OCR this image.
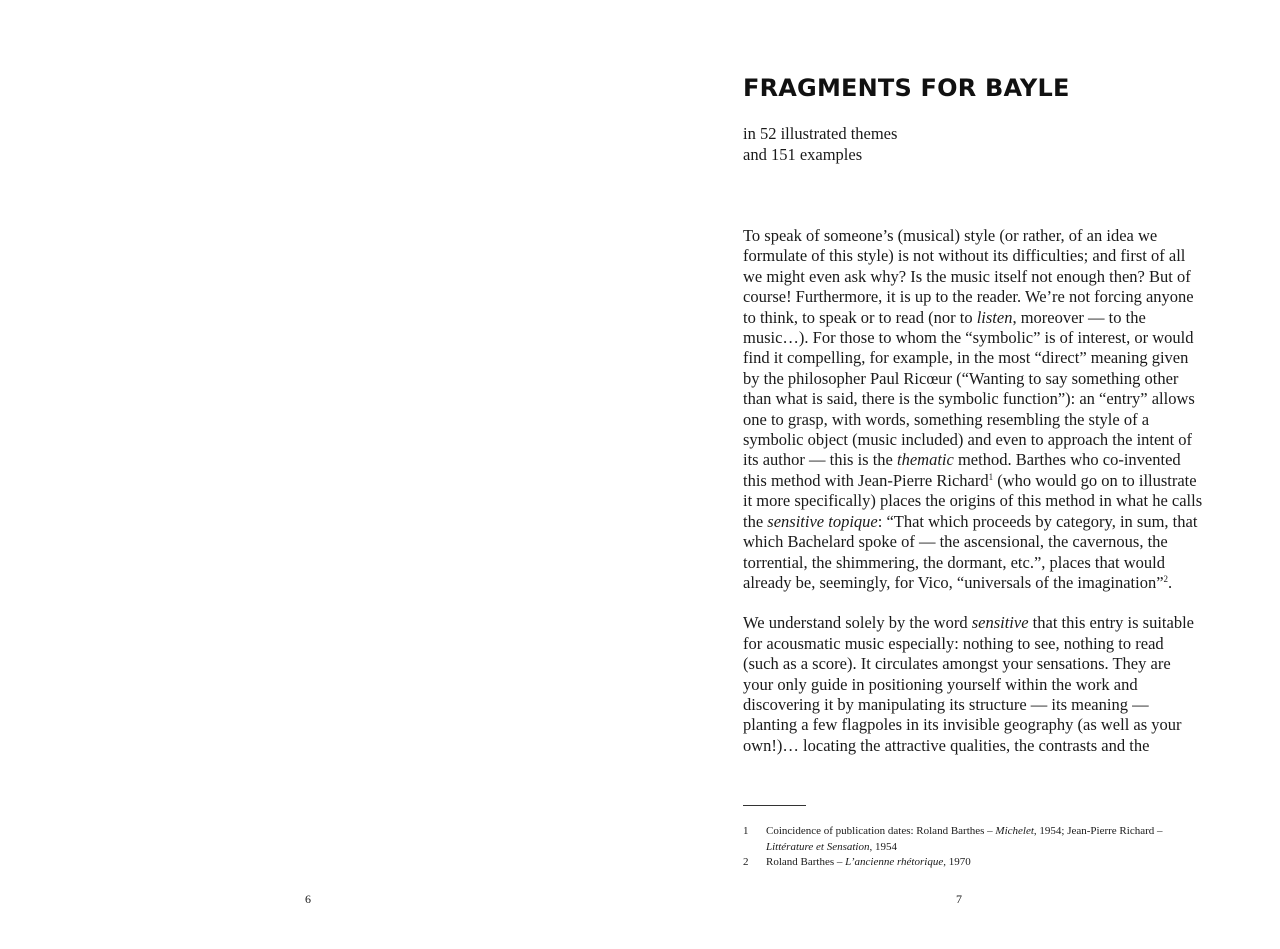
6
FRAGMENTS FOR BAYLE
in 52 illustrated themes
and 151 examples

To speak of someone’s (musical) style (or rather, of an idea we formulate of this style) is not without its difficulties; and first of all we might even ask why? Is the music itself not enough then? But of course! Furthermore, it is up to the reader. We’re not forcing anyone to think, to speak or to read (nor to listen, moreover — to the music…). For those to whom the “symbolic” is of interest, or would find it compelling, for example, in the most “direct” meaning given by the philosopher Paul Ricœur (“Wanting to say something other than what is said, there is the symbolic function”): an “entry” allows one to grasp, with words, something resembling the style of a symbolic object (music included) and even to approach the intent of its author — this is the thematic method. Barthes who co-invented this method with Jean-Pierre Richard$^1$ (who would go on to illustrate it more specifically) places the origins of this method in what he calls the sensitive topique: “That which proceeds by category, in sum, that which Bachelard spoke of — the ascensional, the cavernous, the torrential, the shimmering, the dormant, etc.”, places that would already be, seemingly, for Vico, “universals of the imagination”$^2$.

We understand solely by the word sensitive that this entry is suitable for acousmatic music especially: nothing to see, nothing to read (such as a score). It circulates amongst your sensations. They are your only guide in positioning yourself within the work and discovering it by manipulating its structure — its meaning — planting a few flagpoles in its invisible geography (as well as your own!)… locating the attractive qualities, the contrasts and the

1	Coincidence of publication dates: Roland Barthes – Michelet, 1954; Jean-Pierre Richard – Littérature et Sensation, 1954
2	Roland Barthes – L’ancienne rhétorique, 1970
7
